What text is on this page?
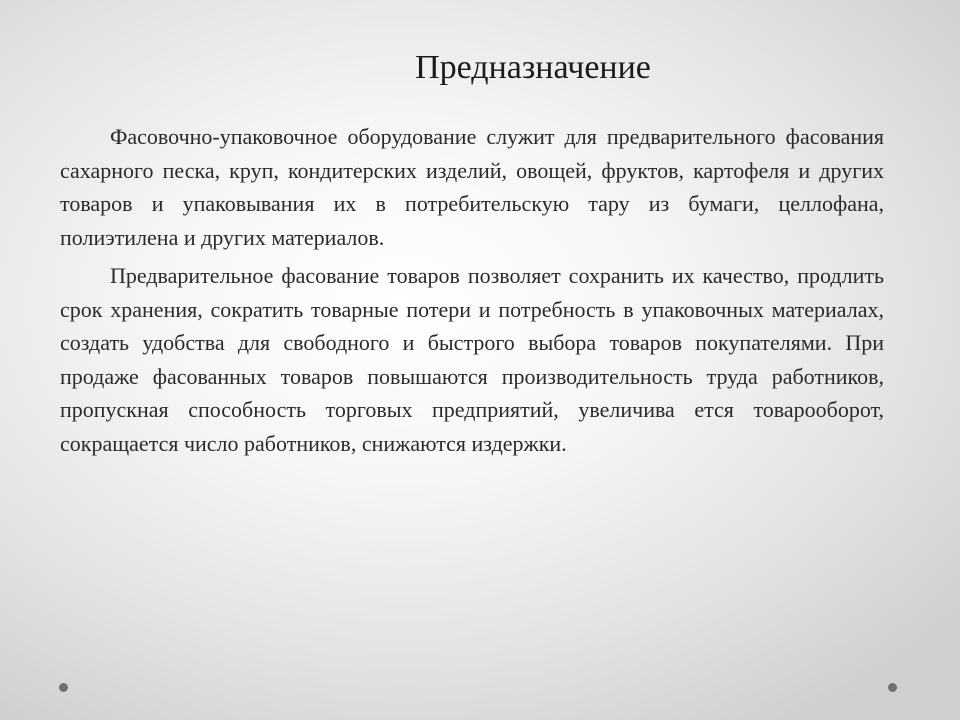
Предназначение

Фасовочно-упаковочное оборудование служит для предварительного фасования сахарного песка, круп, кондитерских изделий, овощей, фруктов, картофеля и других товаров и упаковывания их в потребительскую тару из бумаги, целлофана, полиэтилена и других материалов.

Предварительное фасование товаров позволяет сохранить их качество, продлить срок хранения, сократить товарные потери и потребность в упаковочных материалах, создать удобства для свободного и быстрого выбора товаров покупателями. При продаже фасованных товаров повышаются производительность труда работников, пропускная способность торговых предприятий, увеличива ется товарооборот, сокращается число работников, снижаются издержки.
